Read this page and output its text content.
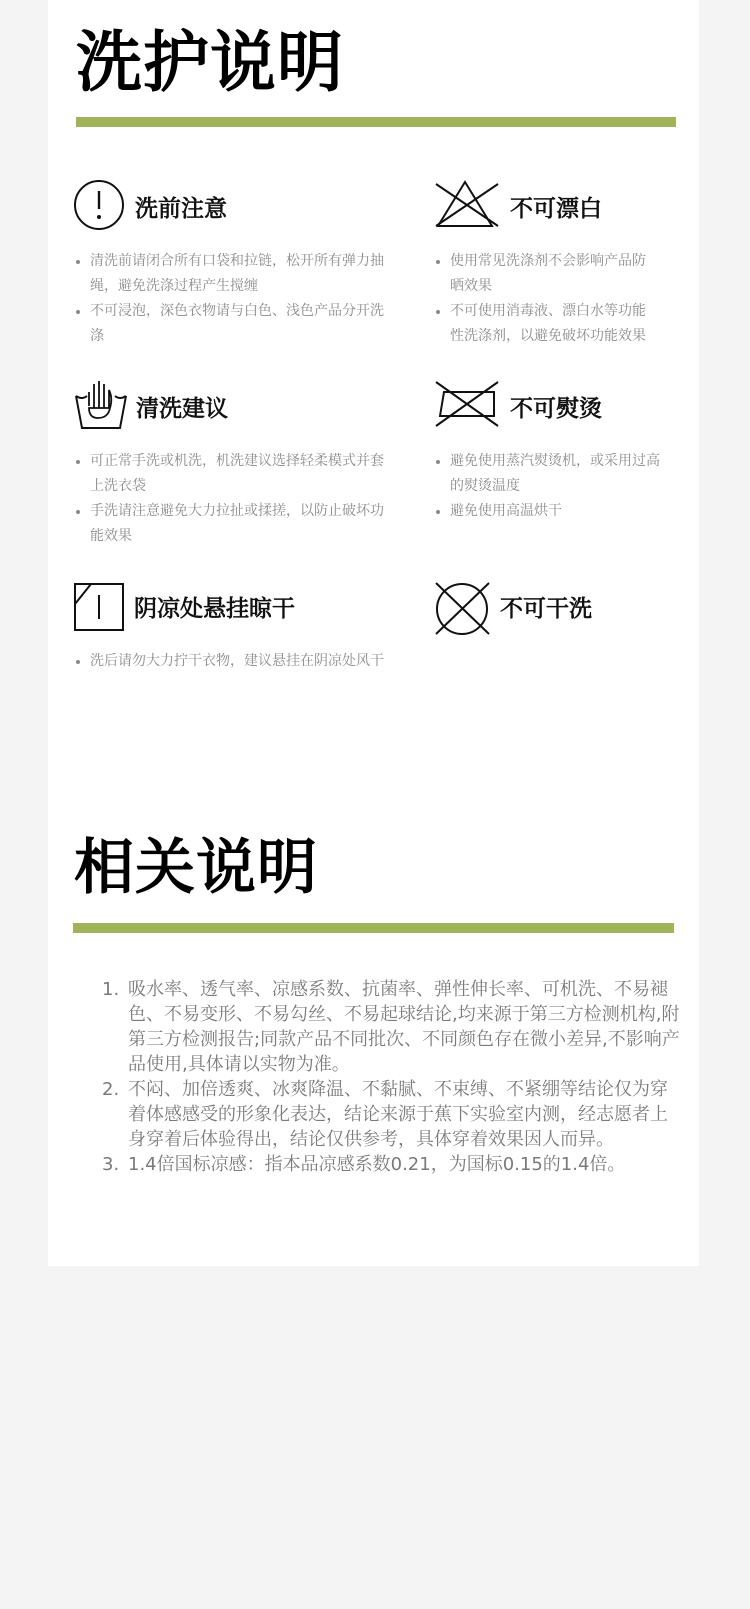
洗护说明
洗前注意
清洗前请闭合所有口袋和拉链，松开所有弹力抽绳，避免洗涤过程产生搅缠
不可浸泡，深色衣物请与白色、浅色产品分开洗涤
不可漂白
使用常见洗涤剂不会影响产品防晒效果
不可使用消毒液、漂白水等功能性洗涤剂，以避免破坏功能效果
清洗建议
可正常手洗或机洗，机洗建议选择轻柔模式并套上洗衣袋
手洗请注意避免大力拉扯或揉搓，以防止破坏功能效果
不可熨烫
避免使用蒸汽熨烫机，或采用过高的熨烫温度
避免使用高温烘干
阴凉处悬挂晾干
洗后请勿大力拧干衣物，建议悬挂在阴凉处风干
不可干洗
相关说明
1. 吸水率、透气率、凉感系数、抗菌率、弹性伸长率、可机洗、不易褪色、不易变形、不易勾丝、不易起球结论,均来源于第三方检测机构,附第三方检测报告;同款产品不同批次、不同颜色存在微小差异,不影响产品使用,具体请以实物为准。
2. 不闷、加倍透爽、冰爽降温、不黏腻、不束缚、不紧绷等结论仅为穿着体感感受的形象化表达，结论来源于蕉下实验室内测，经志愿者上身穿着后体验得出，结论仅供参考，具体穿着效果因人而异。
3. 1.4倍国标凉感：指本品凉感系数0.21，为国标0.15的1.4倍。
